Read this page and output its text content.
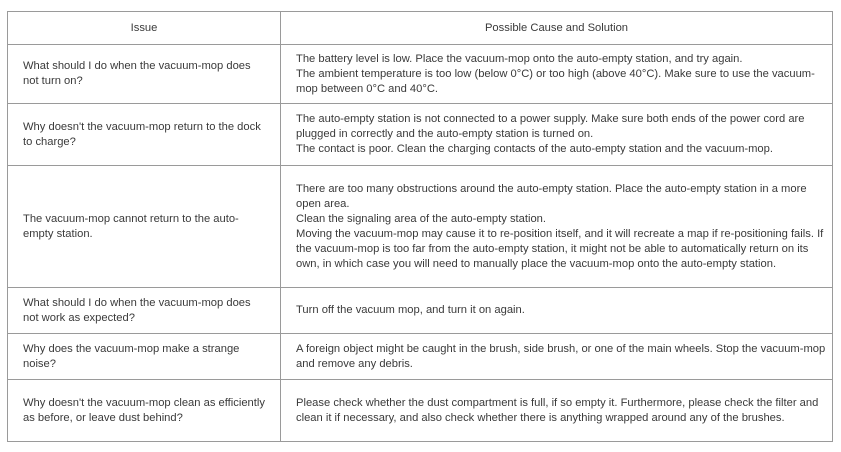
Issue	Possible Cause and Solution
What should I do when the vacuum-mop does not turn on?	The battery level is low. Place the vacuum-mop onto the auto-empty station, and try again.
The ambient temperature is too low (below 0°C) or too high (above 40°C). Make sure to use the vacuum-mop between 0°C and 40°C.

Why doesn't the vacuum-mop return to the dock to charge?	The auto-empty station is not connected to a power supply. Make sure both ends of the power cord are plugged in correctly and the auto-empty station is turned on.
The contact is poor. Clean the charging contacts of the auto-empty station and the vacuum-mop.

The vacuum-mop cannot return to the auto-empty station.	There are too many obstructions around the auto-empty station. Place the auto-empty station in a more open area.
Clean the signaling area of the auto-empty station.
Moving the vacuum-mop may cause it to re-position itself, and it will recreate a map if re-positioning fails. If the vacuum-mop is too far from the auto-empty station, it might not be able to automatically return on its own, in which case you will need to manually place the vacuum-mop onto the auto-empty station.

What should I do when the vacuum-mop does not work as expected?	Turn off the vacuum mop, and turn it on again.

Why does the vacuum-mop make a strange noise?	A foreign object might be caught in the brush, side brush, or one of the main wheels. Stop the vacuum-mop and remove any debris.

Why doesn't the vacuum-mop clean as efficiently as before, or leave dust behind?	Please check whether the dust compartment is full, if so empty it. Furthermore, please check the filter and clean it if necessary, and also check whether there is anything wrapped around any of the brushes.
